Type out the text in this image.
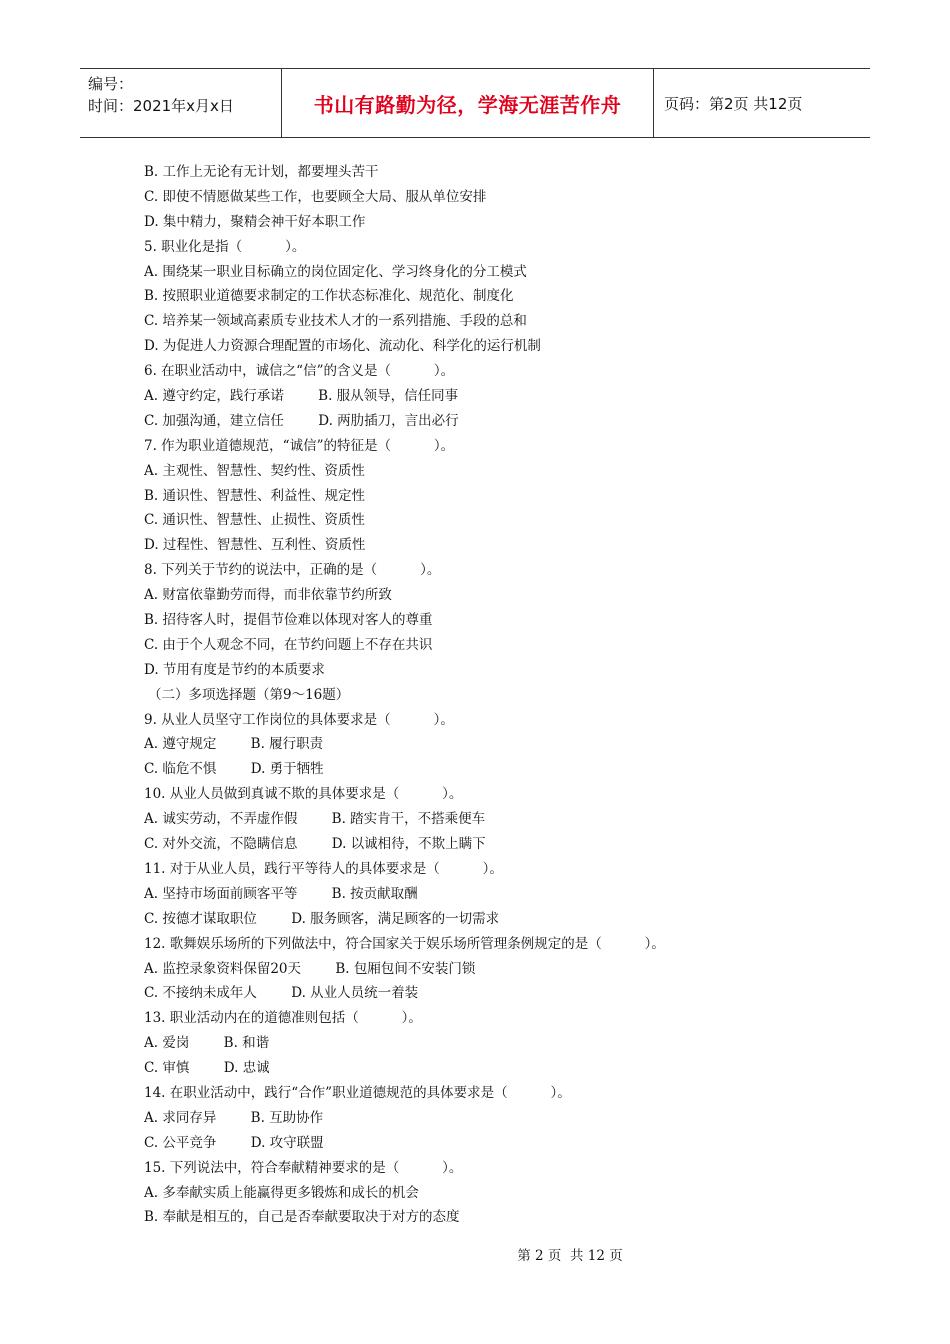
编号：
时间：2021年x月x日	书山有路勤为径，学海无涯苦作舟	页码：第2页 共12页
B. 工作上无论有无计划，都要埋头苦干
C. 即使不情愿做某些工作，也要顾全大局、服从单位安排
D. 集中精力，聚精会神干好本职工作
5. 职业化是指（          ）。
A. 围绕某一职业目标确立的岗位固定化、学习终身化的分工模式
B. 按照职业道德要求制定的工作状态标准化、规范化、制度化
C. 培养某一领域高素质专业技术人才的一系列措施、手段的总和
D. 为促进人力资源合理配置的市场化、流动化、科学化的运行机制
6. 在职业活动中，诚信之“信”的含义是（          ）。
A. 遵守约定，践行承诺        B. 服从领导，信任同事
C. 加强沟通，建立信任        D. 两肋插刀，言出必行
7. 作为职业道德规范，“诚信”的特征是（          ）。
A. 主观性、智慧性、契约性、资质性
B. 通识性、智慧性、利益性、规定性
C. 通识性、智慧性、止损性、资质性
D. 过程性、智慧性、互利性、资质性
8. 下列关于节约的说法中，正确的是（          ）。
A. 财富依靠勤劳而得，而非依靠节约所致
B. 招待客人时，提倡节俭难以体现对客人的尊重
C. 由于个人观念不同，在节约问题上不存在共识
D. 节用有度是节约的本质要求
（二）多项选择题（第9～16题）
9. 从业人员坚守工作岗位的具体要求是（          ）。
A. 遵守规定        B. 履行职责
C. 临危不惧        D. 勇于牺牲
10. 从业人员做到真诚不欺的具体要求是（          ）。
A. 诚实劳动，不弄虚作假        B. 踏实肯干，不搭乘便车
C. 对外交流，不隐瞒信息        D. 以诚相待，不欺上瞒下
11. 对于从业人员，践行平等待人的具体要求是（          ）。
A. 坚持市场面前顾客平等        B. 按贡献取酬
C. 按德才谋取职位        D. 服务顾客，满足顾客的一切需求
12. 歌舞娱乐场所的下列做法中，符合国家关于娱乐场所管理条例规定的是（          ）。
A. 监控录象资料保留20天        B. 包厢包间不安装门锁
C. 不接纳未成年人        D. 从业人员统一着装
13. 职业活动内在的道德准则包括（          ）。
A. 爱岗        B. 和谐
C. 审慎        D. 忠诚
14. 在职业活动中，践行“合作”职业道德规范的具体要求是（          ）。
A. 求同存异        B. 互助协作
C. 公平竞争        D. 攻守联盟
15. 下列说法中，符合奉献精神要求的是（          ）。
A. 多奉献实质上能赢得更多锻炼和成长的机会
B. 奉献是相互的，自己是否奉献要取决于对方的态度
第 2 页  共 12 页
